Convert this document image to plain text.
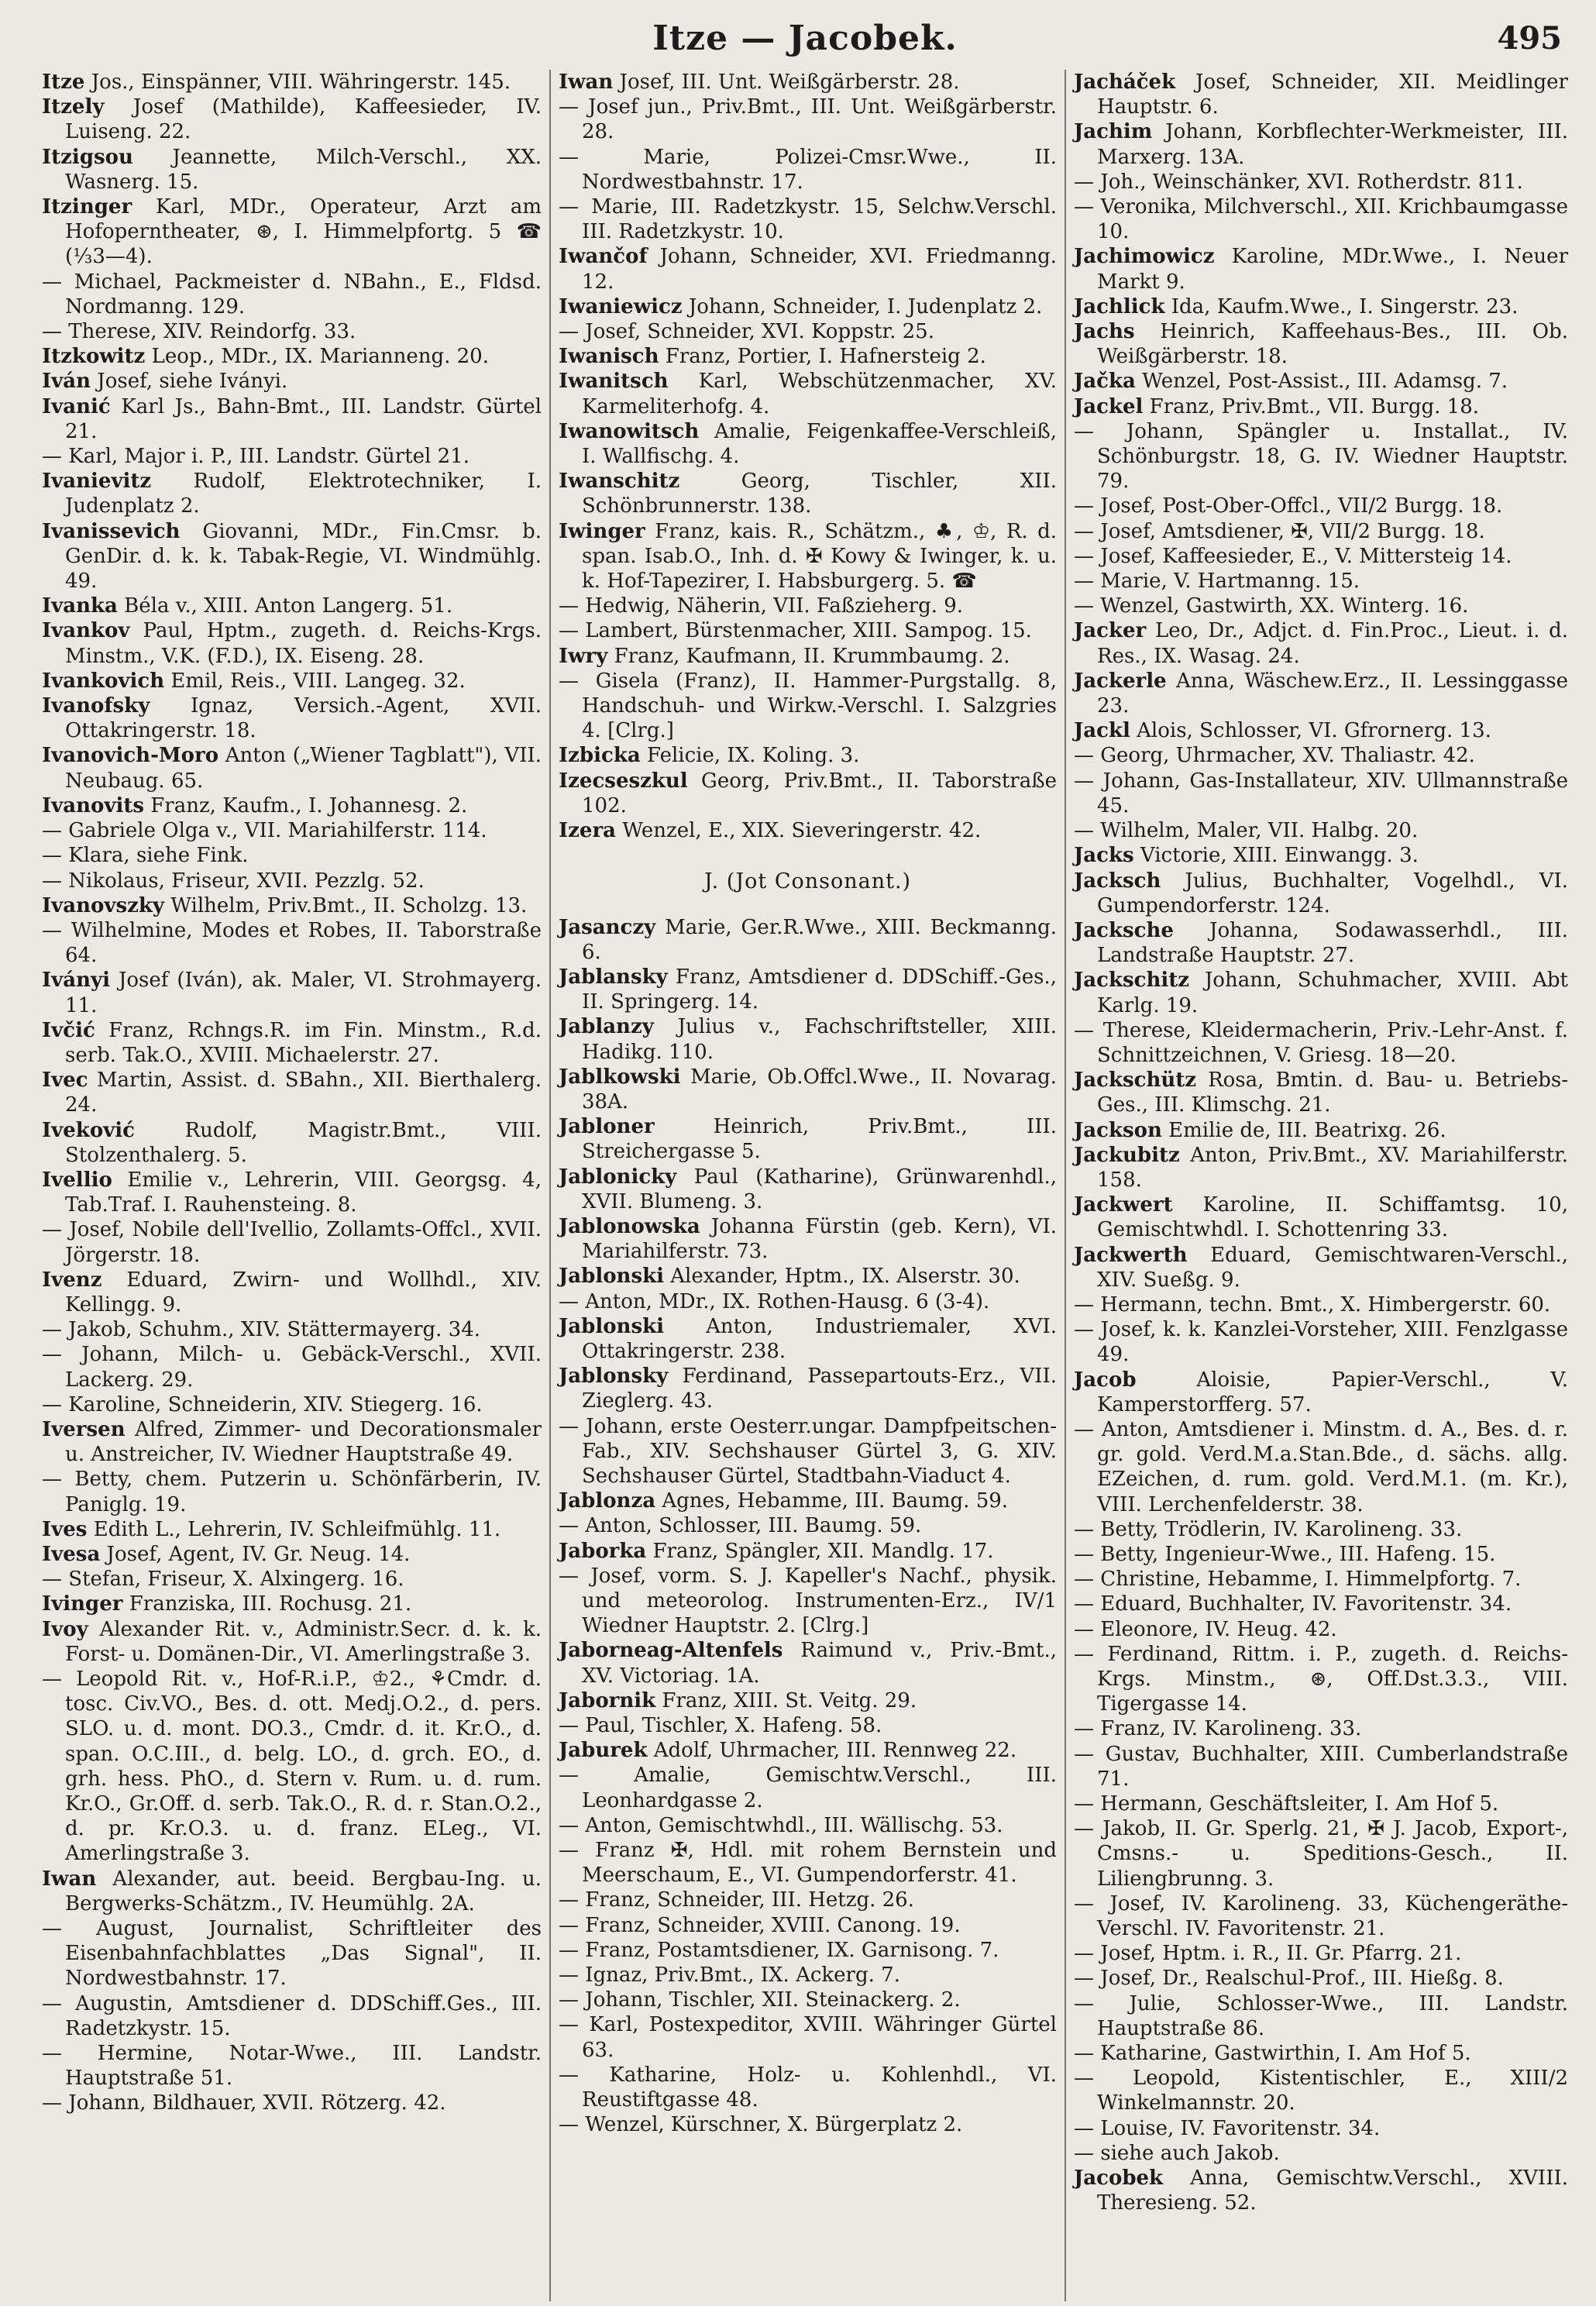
Itze — Jacobek.	495

Itze Jos., Einspänner, VIII. Währingerstr. 145.

Itzely Josef (Mathilde), Kaffeesieder, IV. Luiseng. 22.

Itzigsou Jeannette, Milch-Verschl., XX. Wasnerg. 15.

Itzinger Karl, MDr., Operateur, Arzt am Hofoperntheater, ⊛, I. Himmelpfortg. 5 ☎ (⅓3—4).

— Michael, Packmeister d. NBahn., E., Fldsd. Nordmanng. 129.

— Therese, XIV. Reindorfg. 33.

Itzkowitz Leop., MDr., IX. Marianneng. 20.

Iván Josef, siehe Iványi.

Ivanić Karl Js., Bahn-Bmt., III. Landstr. Gürtel 21.

— Karl, Major i. P., III. Landstr. Gürtel 21.

Ivanievitz Rudolf, Elektrotechniker, I. Judenplatz 2.

Ivanissevich Giovanni, MDr., Fin.Cmsr. b. GenDir. d. k. k. Tabak-Regie, VI. Windmühlg. 49.

Ivanka Béla v., XIII. Anton Langerg. 51.

Ivankov Paul, Hptm., zugeth. d. Reichs-Krgs. Minstm., V.K. (F.D.), IX. Eiseng. 28.

Ivankovich Emil, Reis., VIII. Langeg. 32.

Ivanofsky Ignaz, Versich.-Agent, XVII. Ottakringerstr. 18.

Ivanovich-Moro Anton („Wiener Tagblatt"), VII. Neubaug. 65.

Ivanovits Franz, Kaufm., I. Johannesg. 2.

— Gabriele Olga v., VII. Mariahilferstr. 114.

— Klara, siehe Fink.

— Nikolaus, Friseur, XVII. Pezzlg. 52.

Ivanovszky Wilhelm, Priv.Bmt., II. Scholzg. 13.

— Wilhelmine, Modes et Robes, II. Taborstraße 64.

Iványi Josef (Iván), ak. Maler, VI. Strohmayerg. 11.

Ivčić Franz, Rchngs.R. im Fin. Minstm., R.d. serb. Tak.O., XVIII. Michaelerstr. 27.

Ivec Martin, Assist. d. SBahn., XII. Bierthalerg. 24.

Iveković Rudolf, Magistr.Bmt., VIII. Stolzenthalerg. 5.

Ivellio Emilie v., Lehrerin, VIII. Georgsg. 4, Tab.Traf. I. Rauhensteing. 8.

— Josef, Nobile dell'Ivellio, Zollamts-Offcl., XVII. Jörgerstr. 18.

Ivenz Eduard, Zwirn- und Wollhdl., XIV. Kellingg. 9.

— Jakob, Schuhm., XIV. Stättermayerg. 34.

— Johann, Milch- u. Gebäck-Verschl., XVII. Lackerg. 29.

— Karoline, Schneiderin, XIV. Stiegerg. 16.

Iversen Alfred, Zimmer- und Decorationsmaler u. Anstreicher, IV. Wiedner Hauptstraße 49.

— Betty, chem. Putzerin u. Schönfärberin, IV. Paniglg. 19.

Ives Edith L., Lehrerin, IV. Schleifmühlg. 11.

Ivesa Josef, Agent, IV. Gr. Neug. 14.

— Stefan, Friseur, X. Alxingerg. 16.

Ivinger Franziska, III. Rochusg. 21.

Ivoy Alexander Rit. v., Administr.Secr. d. k. k. Forst- u. Domänen-Dir., VI. Amerlingstraße 3.

— Leopold Rit. v., Hof-R.i.P., ♔2., ⚘Cmdr. d. tosc. Civ.VO., Bes. d. ott. Medj.O.2., d. pers. SLO. u. d. mont. DO.3., Cmdr. d. it. Kr.O., d. span. O.C.III., d. belg. LO., d. grch. EO., d. grh. hess. PhO., d. Stern v. Rum. u. d. rum. Kr.O., Gr.Off. d. serb. Tak.O., R. d. r. Stan.O.2., d. pr. Kr.O.3. u. d. franz. ELeg., VI. Amerlingstraße 3.

Iwan Alexander, aut. beeid. Bergbau-Ing. u. Bergwerks-Schätzm., IV. Heumühlg. 2A.

— August, Journalist, Schriftleiter des Eisenbahnfachblattes „Das Signal", II. Nordwestbahnstr. 17.

— Augustin, Amtsdiener d. DDSchiff.Ges., III. Radetzkystr. 15.

— Hermine, Notar-Wwe., III. Landstr. Hauptstraße 51.

— Johann, Bildhauer, XVII. Rötzerg. 42.

Iwan Josef, III. Unt. Weißgärberstr. 28.

— Josef jun., Priv.Bmt., III. Unt. Weißgärberstr. 28.

— Marie, Polizei-Cmsr.Wwe., II. Nordwestbahnstr. 17.

— Marie, III. Radetzkystr. 15, Selchw.Verschl. III. Radetzkystr. 10.

Iwančof Johann, Schneider, XVI. Friedmanng. 12.

Iwaniewicz Johann, Schneider, I. Judenplatz 2.

— Josef, Schneider, XVI. Koppstr. 25.

Iwanisch Franz, Portier, I. Hafnersteig 2.

Iwanitsch Karl, Webschützenmacher, XV. Karmeliterhofg. 4.

Iwanowitsch Amalie, Feigenkaffee-Verschleiß, I. Wallfischg. 4.

Iwanschitz Georg, Tischler, XII. Schönbrunnerstr. 138.

Iwinger Franz, kais. R., Schätzm., ♣, ♔, R. d. span. Isab.O., Inh. d. ✠ Kowy & Iwinger, k. u. k. Hof-Tapezirer, I. Habsburgerg. 5. ☎

— Hedwig, Näherin, VII. Faßzieherg. 9.

— Lambert, Bürstenmacher, XIII. Sampog. 15.

Iwry Franz, Kaufmann, II. Krummbaumg. 2.

— Gisela (Franz), II. Hammer-Purgstallg. 8, Handschuh- und Wirkw.-Verschl. I. Salzgries 4. [Clrg.]

Izbicka Felicie, IX. Koling. 3.

Izecseszkul Georg, Priv.Bmt., II. Taborstraße 102.

Izera Wenzel, E., XIX. Sieveringerstr. 42.

J. (Jot Consonant.)

Jasanczy Marie, Ger.R.Wwe., XIII. Beckmanng. 6.

Jablansky Franz, Amtsdiener d. DDSchiff.-Ges., II. Springerg. 14.

Jablanzy Julius v., Fachschriftsteller, XIII. Hadikg. 110.

Jablkowski Marie, Ob.Offcl.Wwe., II. Novarag. 38A.

Jabloner Heinrich, Priv.Bmt., III. Streichergasse 5.

Jablonicky Paul (Katharine), Grünwarenhdl., XVII. Blumeng. 3.

Jablonowska Johanna Fürstin (geb. Kern), VI. Mariahilferstr. 73.

Jablonski Alexander, Hptm., IX. Alserstr. 30.

— Anton, MDr., IX. Rothen-Hausg. 6 (3-4).

Jablonski Anton, Industriemaler, XVI. Ottakringerstr. 238.

Jablonsky Ferdinand, Passepartouts-Erz., VII. Zieglerg. 43.

— Johann, erste Oesterr.ungar. Dampfpeitschen-Fab., XIV. Sechshauser Gürtel 3, G. XIV. Sechshauser Gürtel, Stadtbahn-Viaduct 4.

Jablonza Agnes, Hebamme, III. Baumg. 59.

— Anton, Schlosser, III. Baumg. 59.

Jaborka Franz, Spängler, XII. Mandlg. 17.

— Josef, vorm. S. J. Kapeller's Nachf., physik. und meteorolog. Instrumenten-Erz., IV/1 Wiedner Hauptstr. 2. [Clrg.]

Jaborneag-Altenfels Raimund v., Priv.-Bmt., XV. Victoriag. 1A.

Jabornik Franz, XIII. St. Veitg. 29.

— Paul, Tischler, X. Hafeng. 58.

Jaburek Adolf, Uhrmacher, III. Rennweg 22.

— Amalie, Gemischtw.Verschl., III. Leonhardgasse 2.

— Anton, Gemischtwhdl., III. Wällischg. 53.

— Franz ✠, Hdl. mit rohem Bernstein und Meerschaum, E., VI. Gumpendorferstr. 41.

— Franz, Schneider, III. Hetzg. 26.

— Franz, Schneider, XVIII. Canong. 19.

— Franz, Postamtsdiener, IX. Garnisong. 7.

— Ignaz, Priv.Bmt., IX. Ackerg. 7.

— Johann, Tischler, XII. Steinackerg. 2.

— Karl, Postexpeditor, XVIII. Währinger Gürtel 63.

— Katharine, Holz- u. Kohlenhdl., VI. Reustiftgasse 48.

— Wenzel, Kürschner, X. Bürgerplatz 2.

Jacháček Josef, Schneider, XII. Meidlinger Hauptstr. 6.

Jachim Johann, Korbflechter-Werkmeister, III. Marxerg. 13A.

— Joh., Weinschänker, XVI. Rotherdstr. 811.

— Veronika, Milchverschl., XII. Krichbaumgasse 10.

Jachimowicz Karoline, MDr.Wwe., I. Neuer Markt 9.

Jachlick Ida, Kaufm.Wwe., I. Singerstr. 23.

Jachs Heinrich, Kaffeehaus-Bes., III. Ob. Weißgärberstr. 18.

Jačka Wenzel, Post-Assist., III. Adamsg. 7.

Jackel Franz, Priv.Bmt., VII. Burgg. 18.

— Johann, Spängler u. Installat., IV. Schönburgstr. 18, G. IV. Wiedner Hauptstr. 79.

— Josef, Post-Ober-Offcl., VII/2 Burgg. 18.

— Josef, Amtsdiener, ✠, VII/2 Burgg. 18.

— Josef, Kaffeesieder, E., V. Mittersteig 14.

— Marie, V. Hartmanng. 15.

— Wenzel, Gastwirth, XX. Winterg. 16.

Jacker Leo, Dr., Adjct. d. Fin.Proc., Lieut. i. d. Res., IX. Wasag. 24.

Jackerle Anna, Wäschew.Erz., II. Lessinggasse 23.

Jackl Alois, Schlosser, VI. Gfrornerg. 13.

— Georg, Uhrmacher, XV. Thaliastr. 42.

— Johann, Gas-Installateur, XIV. Ullmannstraße 45.

— Wilhelm, Maler, VII. Halbg. 20.

Jacks Victorie, XIII. Einwangg. 3.

Jacksch Julius, Buchhalter, Vogelhdl., VI. Gumpendorferstr. 124.

Jacksche Johanna, Sodawasserhdl., III. Landstraße Hauptstr. 27.

Jackschitz Johann, Schuhmacher, XVIII. Abt Karlg. 19.

— Therese, Kleidermacherin, Priv.-Lehr-Anst. f. Schnittzeichnen, V. Griesg. 18—20.

Jackschütz Rosa, Bmtin. d. Bau- u. Betriebs-Ges., III. Klimschg. 21.

Jackson Emilie de, III. Beatrixg. 26.

Jackubitz Anton, Priv.Bmt., XV. Mariahilferstr. 158.

Jackwert Karoline, II. Schiffamtsg. 10, Gemischtwhdl. I. Schottenring 33.

Jackwerth Eduard, Gemischtwaren-Verschl., XIV. Sueßg. 9.

— Hermann, techn. Bmt., X. Himbergerstr. 60.

— Josef, k. k. Kanzlei-Vorsteher, XIII. Fenzlgasse 49.

Jacob Aloisie, Papier-Verschl., V. Kamperstorfferg. 57.

— Anton, Amtsdiener i. Minstm. d. A., Bes. d. r. gr. gold. Verd.M.a.Stan.Bde., d. sächs. allg. EZeichen, d. rum. gold. Verd.M.1. (m. Kr.), VIII. Lerchenfelderstr. 38.

— Betty, Trödlerin, IV. Karolineng. 33.

— Betty, Ingenieur-Wwe., III. Hafeng. 15.

— Christine, Hebamme, I. Himmelpfortg. 7.

— Eduard, Buchhalter, IV. Favoritenstr. 34.

— Eleonore, IV. Heug. 42.

— Ferdinand, Rittm. i. P., zugeth. d. Reichs-Krgs. Minstm., ⊛, Off.Dst.3.3., VIII. Tigergasse 14.

— Franz, IV. Karolineng. 33.

— Gustav, Buchhalter, XIII. Cumberlandstraße 71.

— Hermann, Geschäftsleiter, I. Am Hof 5.

— Jakob, II. Gr. Sperlg. 21, ✠ J. Jacob, Export-, Cmsns.- u. Speditions-Gesch., II. Liliengbrunng. 3.

— Josef, IV. Karolineng. 33, Küchengeräthe-Verschl. IV. Favoritenstr. 21.

— Josef, Hptm. i. R., II. Gr. Pfarrg. 21.

— Josef, Dr., Realschul-Prof., III. Hießg. 8.

— Julie, Schlosser-Wwe., III. Landstr. Hauptstraße 86.

— Katharine, Gastwirthin, I. Am Hof 5.

— Leopold, Kistentischler, E., XIII/2 Winkelmannstr. 20.

— Louise, IV. Favoritenstr. 34.

— siehe auch Jakob.

Jacobek Anna, Gemischtw.Verschl., XVIII. Theresieng. 52.
